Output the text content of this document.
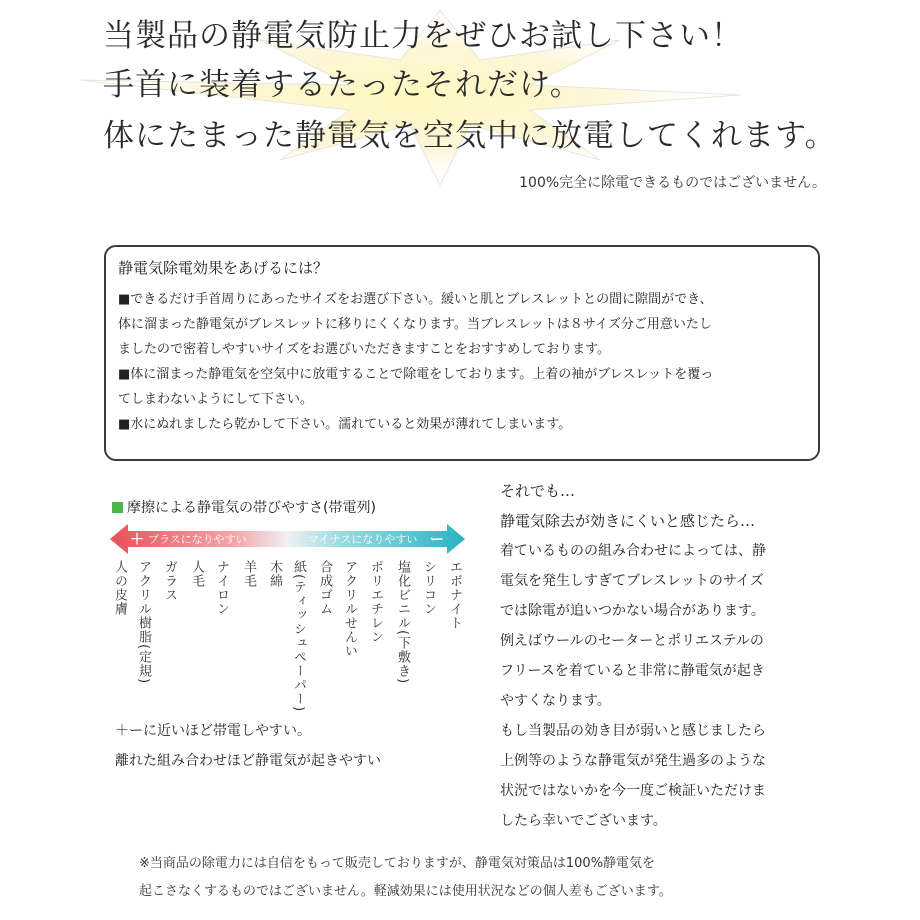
当製品の静電気防止力をぜひお試し下さい！
手首に装着するたったそれだけ。
体にたまった静電気を空気中に放電してくれます。
100%完全に除電できるものではございません。
静電気除電効果をあげるには？
■できるだけ手首周りにあったサイズをお選び下さい。緩いと肌とブレスレットとの間に隙間ができ、
体に溜まった静電気がブレスレットに移りにくくなります。当ブレスレットは８サイズ分ご用意いたし
ましたので密着しやすいサイズをお選びいただきますことをおすすめしております。
■体に溜まった静電気を空気中に放電することで除電をしております。上着の袖がブレスレットを覆っ
てしまわないようにして下さい。
■水にぬれましたら乾かして下さい。濡れていると効果が薄れてしまいます。
摩擦による静電気の帯びやすさ(帯電列)
＋ プラスになりやすい	マイナスになりやすい ー
人の皮膚 アクリル樹脂(定規) ガラス 人毛 ナイロン 羊毛 木綿 紙(ティッシュペーパー) 合成ゴム アクリルせんい ポリエチレン 塩化ビニル(下敷き) シリコン エボナイト
＋ーに近いほど帯電しやすい。
離れた組み合わせほど静電気が起きやすい
それでも…
静電気除去が効きにくいと感じたら…
着ているものの組み合わせによっては、静
電気を発生しすぎてブレスレットのサイズ
では除電が追いつかない場合があります。
例えばウールのセーターとポリエステルの
フリースを着ていると非常に静電気が起き
やすくなります。
もし当製品の効き目が弱いと感じましたら
上例等のような静電気が発生過多のような
状況ではないかを今一度ご検証いただけま
したら幸いでございます。
※当商品の除電力には自信をもって販売しておりますが、静電気対策品は100%静電気を
起こさなくするものではございません。軽減効果には使用状況などの個人差もございます。
